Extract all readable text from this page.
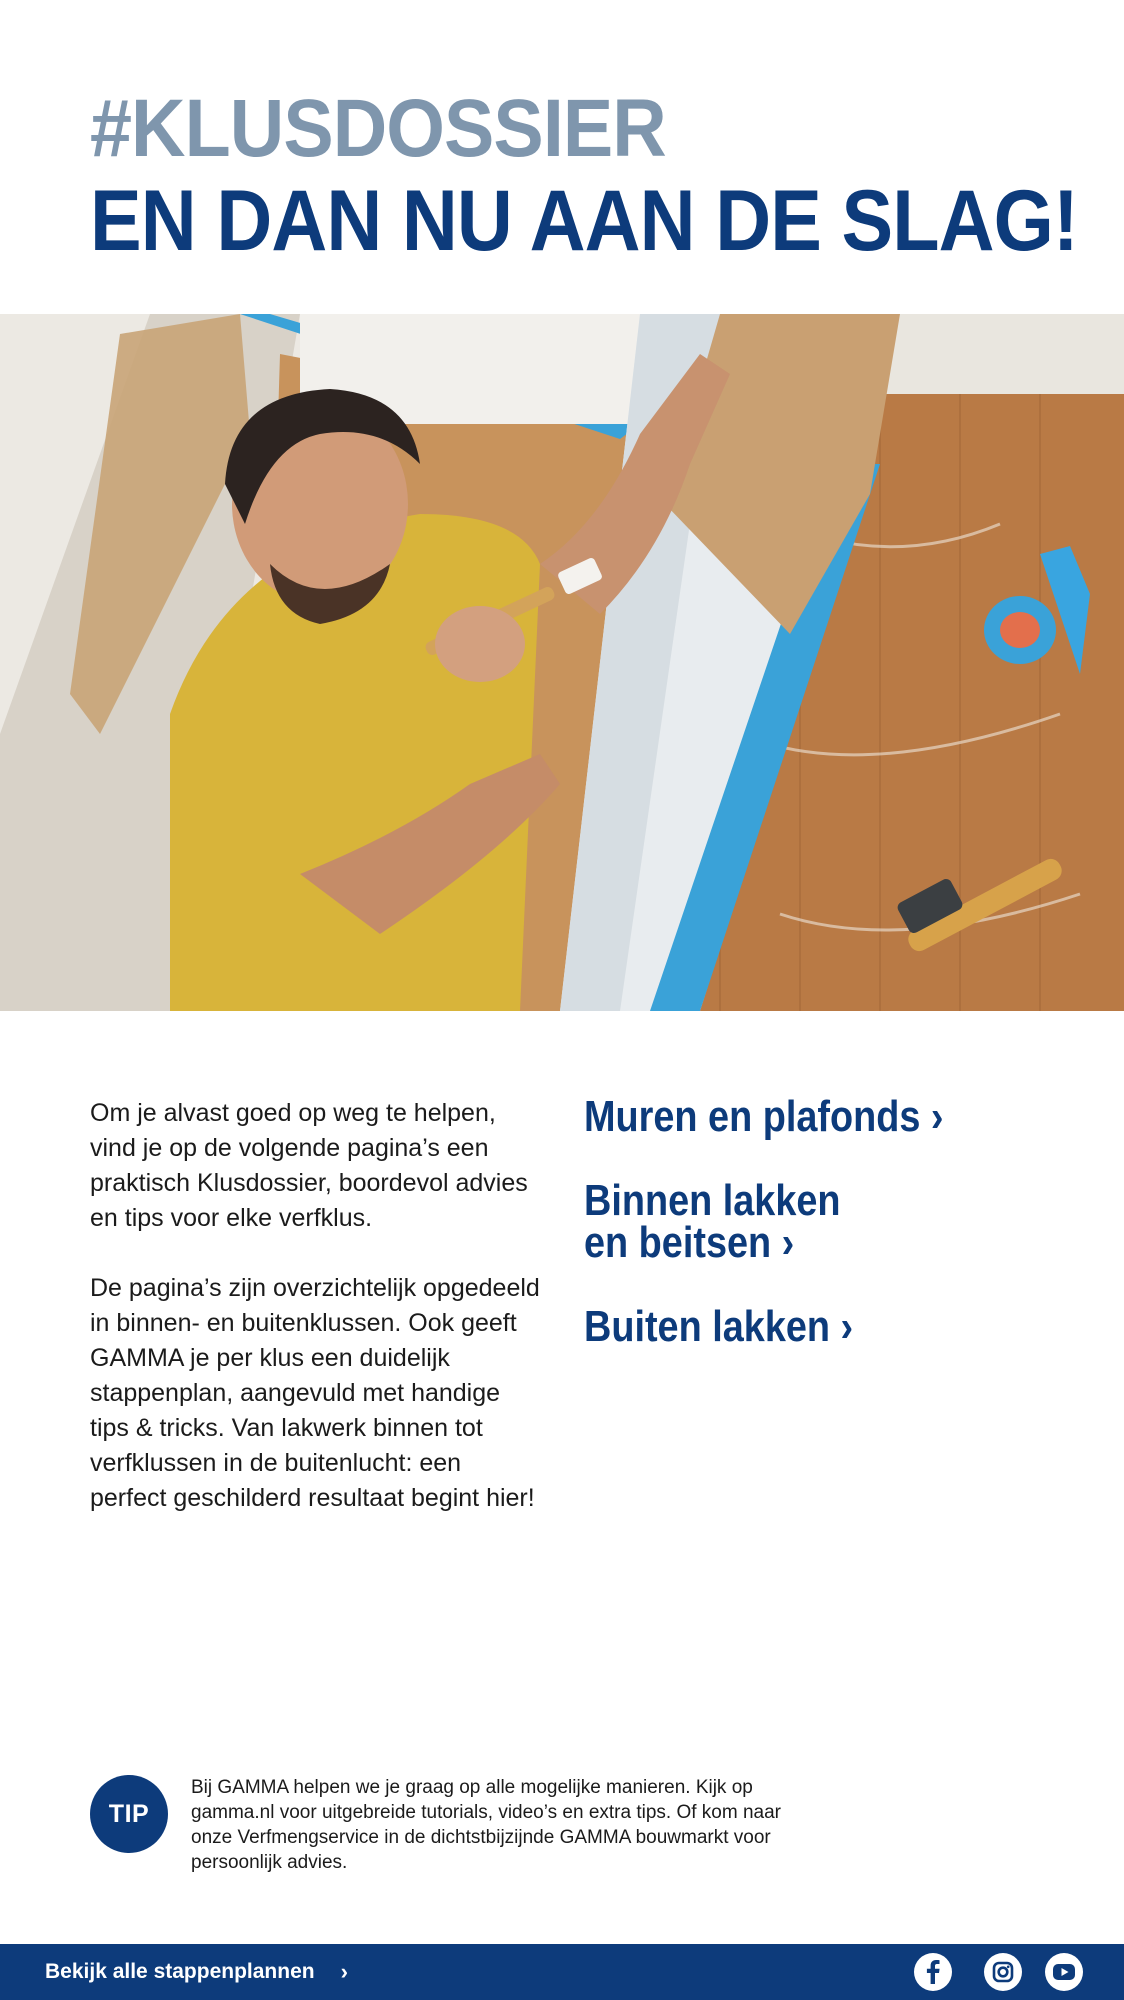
#KLUSDOSSIER
EN DAN NU AAN DE SLAG!

Om je alvast goed op weg te helpen, vind je op de volgende pagina’s een praktisch Klusdossier, boordevol advies en tips voor elke verfklus.

De pagina’s zijn overzichtelijk opgedeeld in binnen- en buitenklussen. Ook geeft GAMMA je per klus een duidelijk stappenplan, aangevuld met handige tips & tricks. Van lakwerk binnen tot verfklussen in de buitenlucht: een perfect geschilderd resultaat begint hier!

Muren en plafonds ›
Binnen lakken
en beitsen ›
Buiten lakken ›
TIP
Bij GAMMA helpen we je graag op alle mogelijke manieren. Kijk op gamma.nl voor uitgebreide tutorials, video’s en extra tips. Of kom naar onze Verfmengservice in de dichtstbijzijnde GAMMA bouwmarkt voor persoonlijk advies.
Bekijk alle stappenplannen ›
